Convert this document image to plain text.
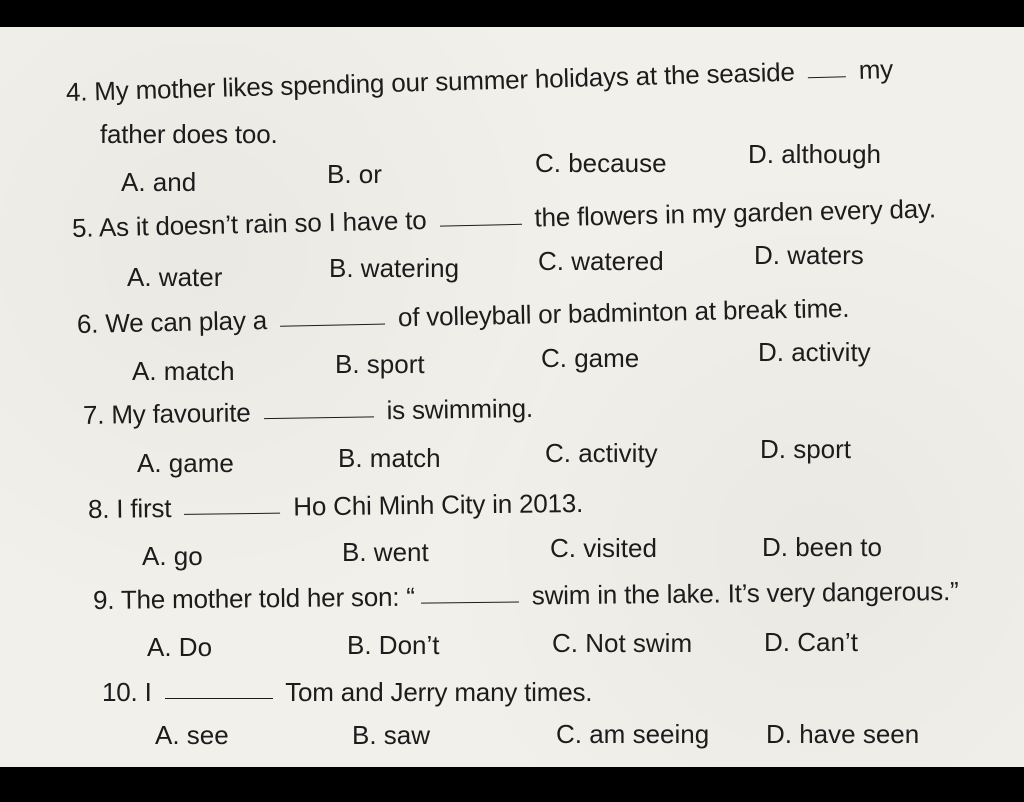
4. My mother likes spending our summer holidays at the seaside my
father does too.
A. and	B. or	C. because	D. although
5. As it doesn’t rain so I have to	the flowers in my garden every day.
A. water	B. watering	C. watered	D. waters
6. We can play a	of volleyball or badminton at break time.
A. match	B. sport	C. game	D. activity
7. My favourite	is swimming.
A. game	B. match	C. activity	D. sport
8. I first	Ho Chi Minh City in 2013.
A. go	B. went	C. visited	D. been to
9. The mother told her son: “	swim in the lake. It’s very dangerous.”
A. Do	B. Don’t	C. Not swim	D. Can’t
10. I	Tom and Jerry many times.
A. see	B. saw	C. am seeing D. have seen
